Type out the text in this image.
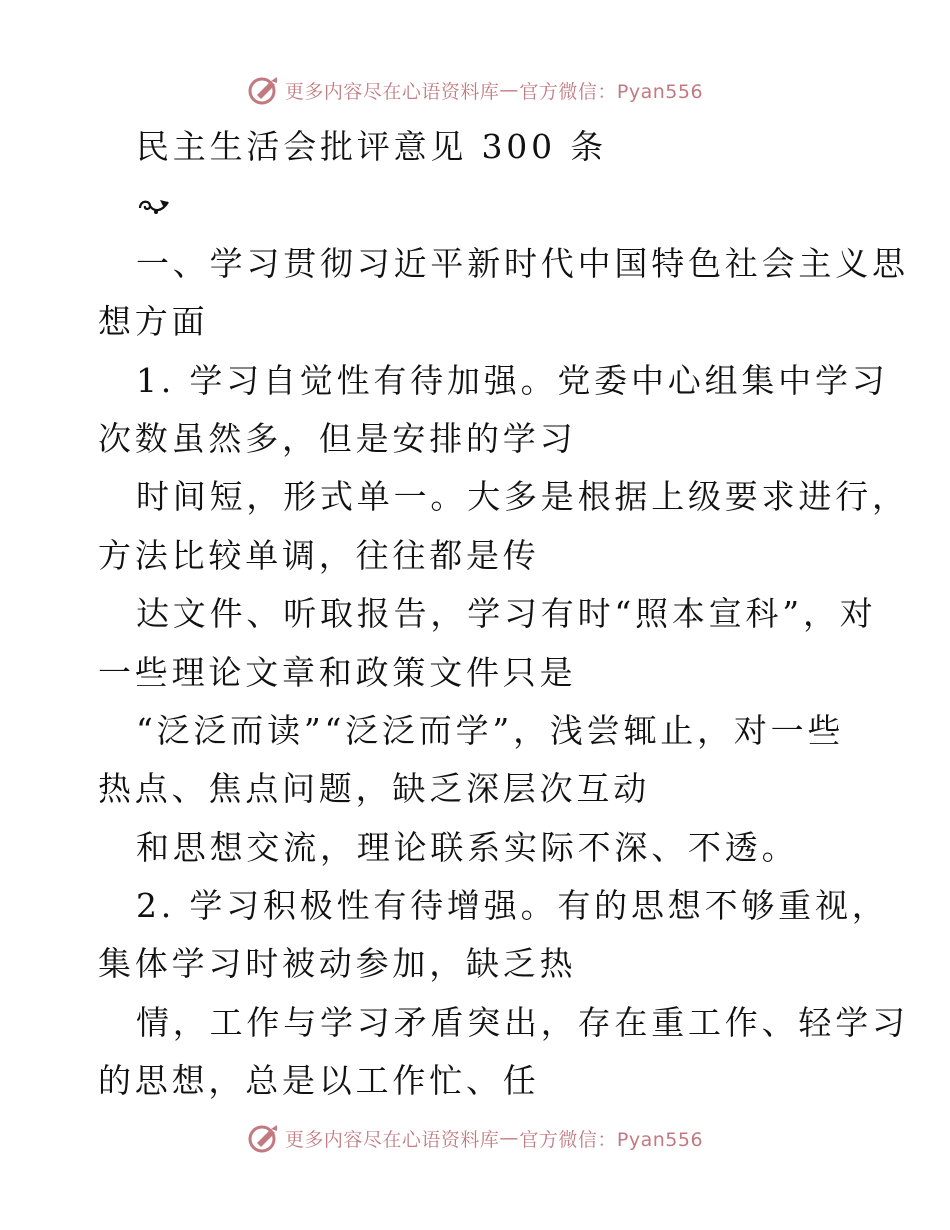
更多内容尽在心语资料库 — 官方微信：Pyan556
民主生活会批评意见 300 条
一、学习贯彻习近平新时代中国特色社会主义思
想方面
1. 学习自觉性有待加强。党委中心组集中学习
次数虽然多，但是安排的学习
时间短，形式单一。大多是根据上级要求进行，
方法比较单调，往往都是传
达文件、听取报告，学习有时“照本宣科”，对
一些理论文章和政策文件只是
“泛泛而读”“泛泛而学”，浅尝辄止，对一些
热点、焦点问题，缺乏深层次互动
和思想交流，理论联系实际不深、不透。
2. 学习积极性有待增强。有的思想不够重视，
集体学习时被动参加，缺乏热
情，工作与学习矛盾突出，存在重工作、轻学习
的思想，总是以工作忙、任
更多内容尽在心语资料库 — 官方微信：Pyan556
